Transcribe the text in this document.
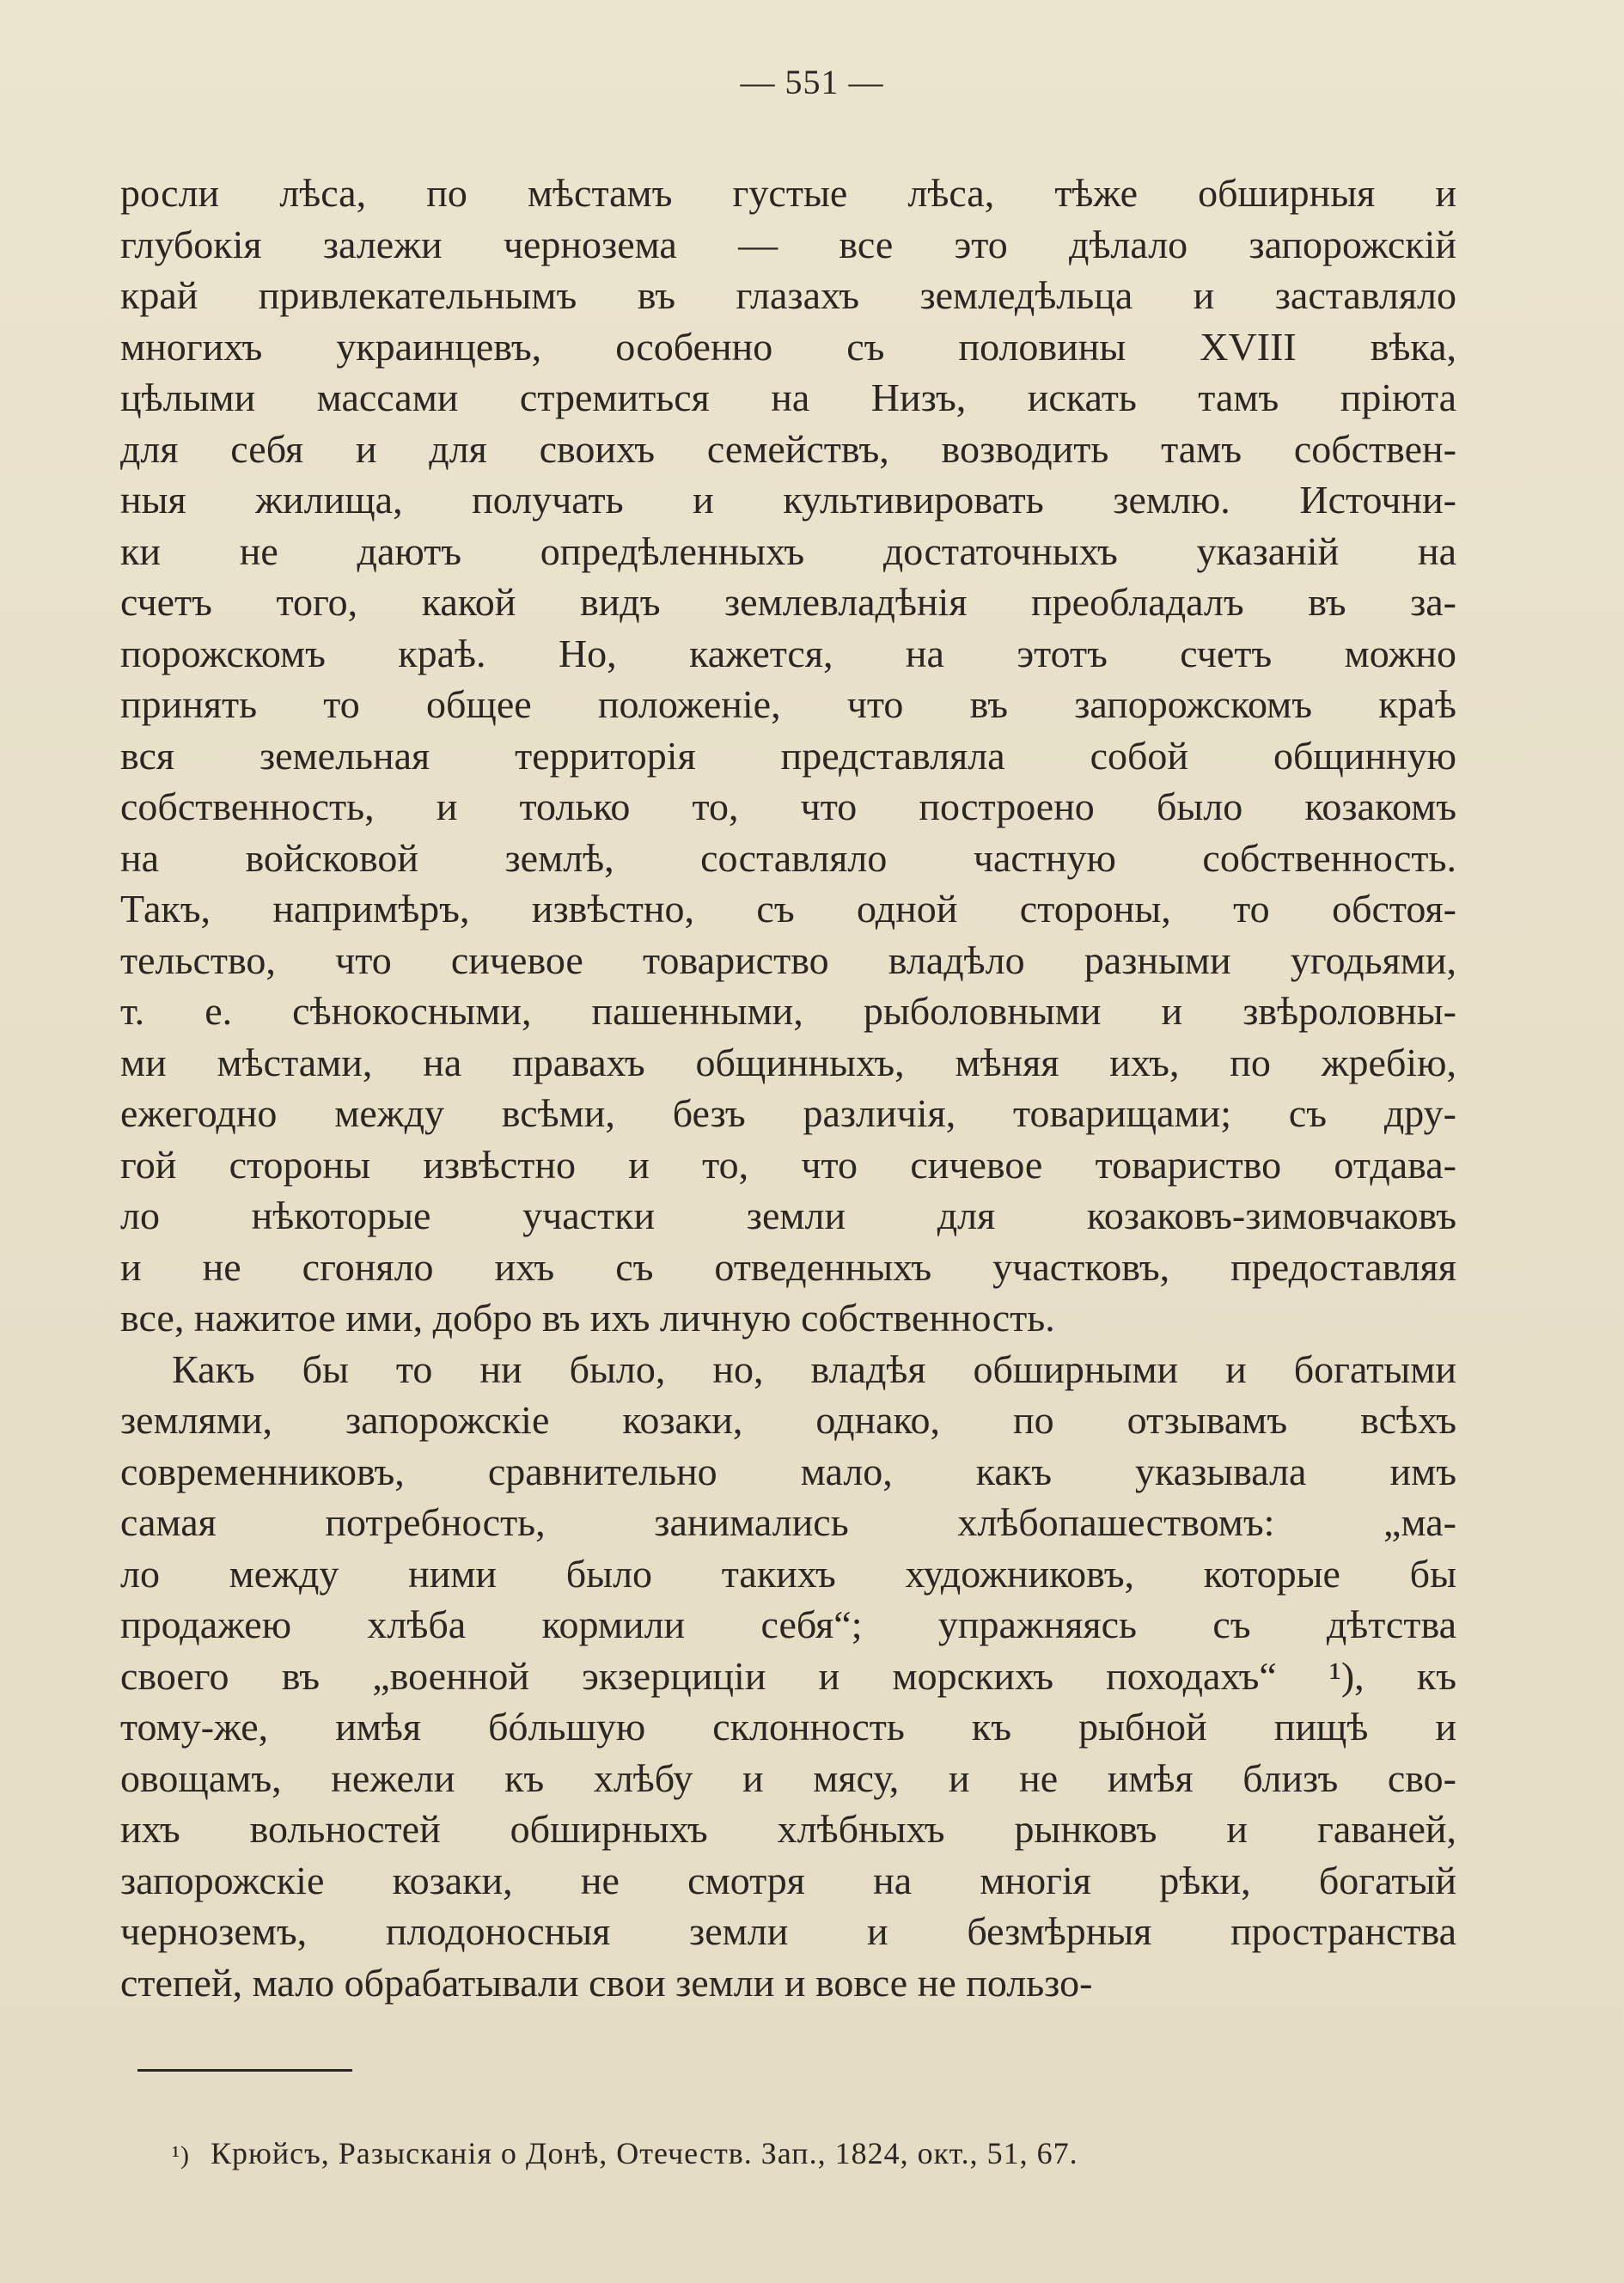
— 551 —
росли лѣса, по мѣстамъ густые лѣса, тѣже обширныя и
глубокія залежи чернозема — все это дѣлало запорожскій
край привлекательнымъ въ глазахъ земледѣльца и заставляло
многихъ украинцевъ, особенно съ половины XVIII вѣка,
цѣлыми массами стремиться на Низъ, искать тамъ пріюта
для себя и для своихъ семействъ, возводить тамъ собствен-
ныя жилища, получать и культивировать землю. Источни-
ки не даютъ опредѣленныхъ достаточныхъ указаній на
счетъ того, какой видъ землевладѣнія преобладалъ въ за-
порожскомъ краѣ. Но, кажется, на этотъ счетъ можно
принять то общее положеніе, что въ запорожскомъ краѣ
вся земельная территорія представляла собой общинную
собственность, и только то, что построено было козакомъ
на войсковой землѣ, составляло частную собственность.
Такъ, напримѣръ, извѣстно, съ одной стороны, то обстоя-
тельство, что сичевое товариство владѣло разными угодьями,
т. е. сѣнокосными, пашенными, рыболовными и звѣроловны-
ми мѣстами, на правахъ общинныхъ, мѣняя ихъ, по жребію,
ежегодно между всѣми, безъ различія, товарищами; съ дру-
гой стороны извѣстно и то, что сичевое товариство отдава-
ло нѣкоторые участки земли для козаковъ-зимовчаковъ
и не сгоняло ихъ съ отведенныхъ участковъ, предоставляя
все, нажитое ими, добро въ ихъ личную собственность.
Какъ бы то ни было, но, владѣя обширными и богатыми
землями, запорожскіе козаки, однако, по отзывамъ всѣхъ
современниковъ, сравнительно мало, какъ указывала имъ
самая потребность, занимались хлѣбопашествомъ: „ма-
ло между ними было такихъ художниковъ, которые бы
продажею хлѣба кормили себя“; упражняясь съ дѣтства
своего въ „военной экзерциціи и морскихъ походахъ“ ¹), къ
тому-же, имѣя бóльшую склонность къ рыбной пищѣ и
овощамъ, нежели къ хлѣбу и мясу, и не имѣя близъ сво-
ихъ вольностей обширныхъ хлѣбныхъ рынковъ и гаваней,
запорожскіе козаки, не смотря на многія рѣки, богатый
черноземъ, плодоносныя земли и безмѣрныя пространства
степей, мало обрабатывали свои земли и вовсе не пользо-
¹) Крюйсъ, Разысканія о Донѣ, Отечеств. Зап., 1824, окт., 51, 67.
